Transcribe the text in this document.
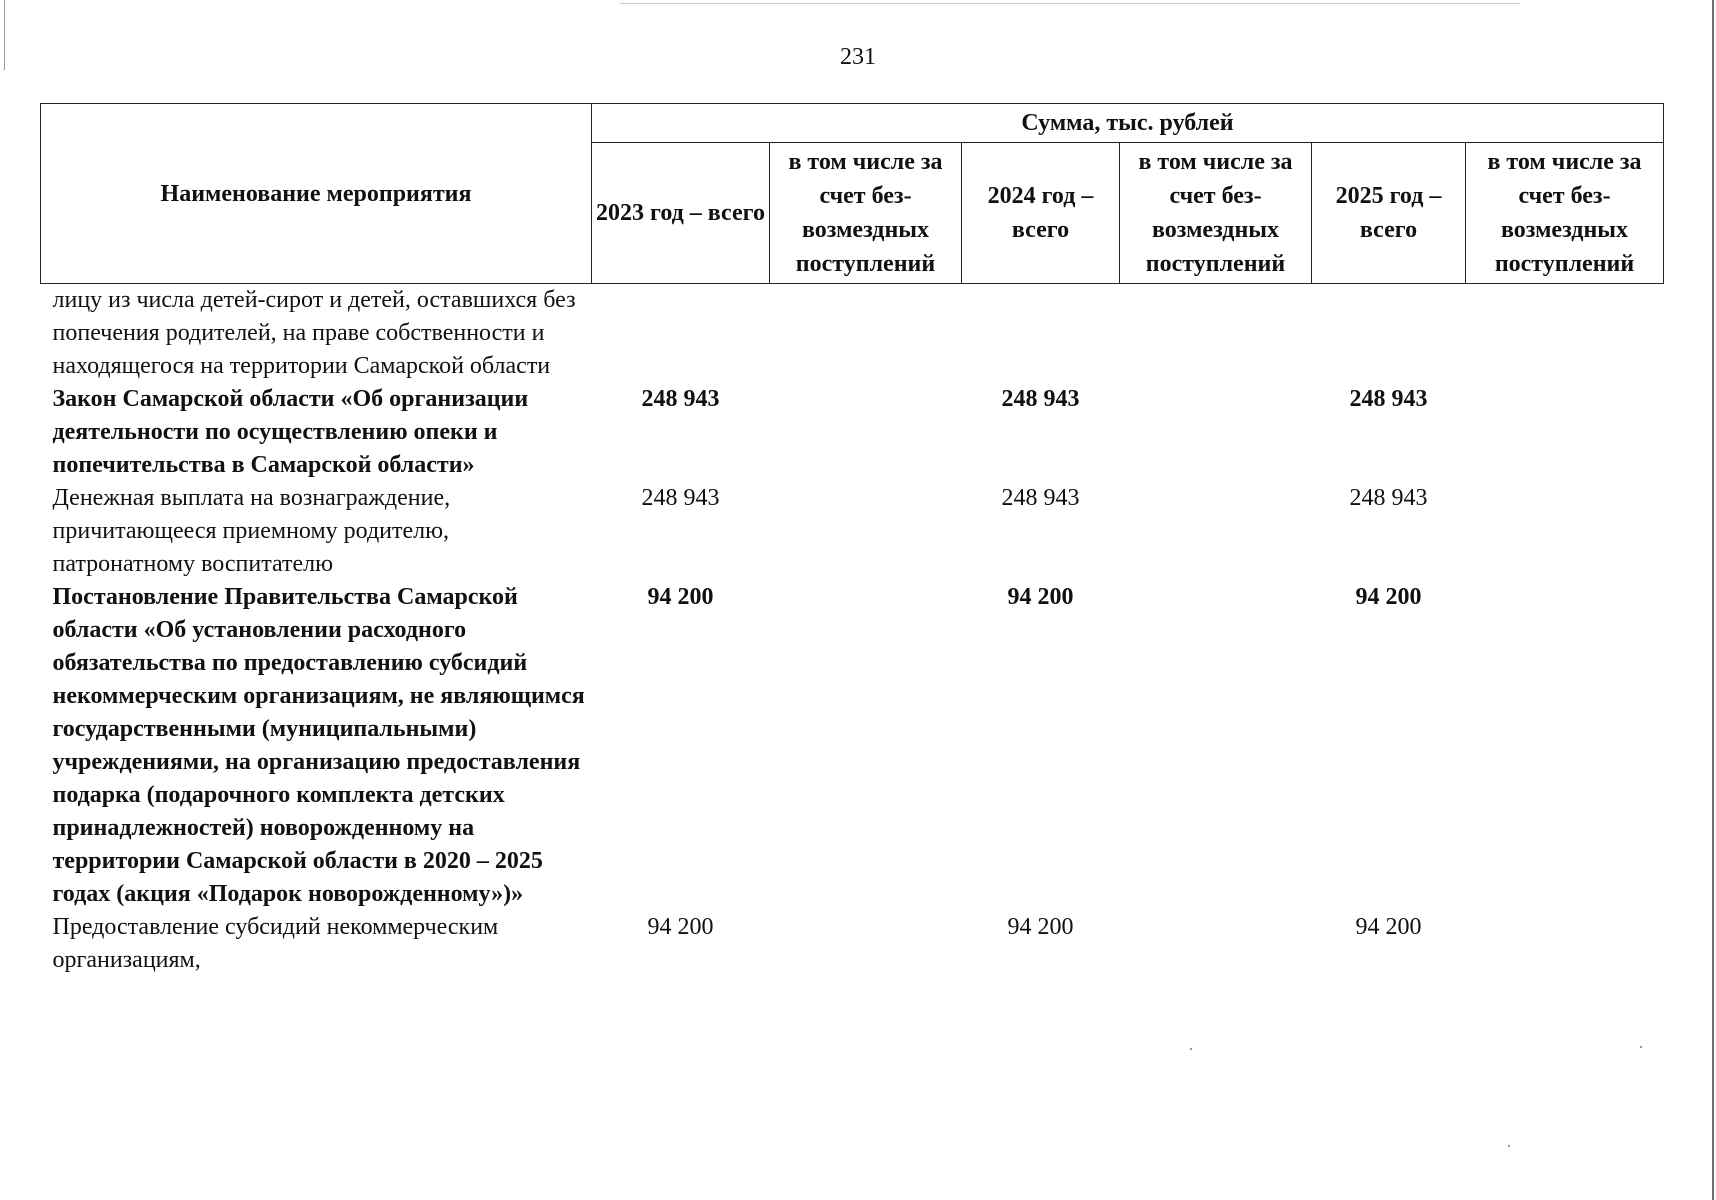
231
Наименование мероприятия	Сумма, тыс. рублей					
	2023 год – всего	в том числе за счет без-возмездных поступлений	2024 год – всего	в том числе за счет без-возмездных поступлений	2025 год – всего	в том числе за счет без-возмездных поступлений
лицу из числа детей-сирот и детей, оставшихся без попечения родителей, на праве собственности и находящегося на территории Самарской области						
Закон Самарской области «Об организации деятельности по осуществлению опеки и попечительства в Самарской области»	248 943		248 943		248 943	
Денежная выплата на вознаграждение, причитающееся приемному родителю, патронатному воспитателю	248 943		248 943		248 943	
Постановление Правительства Самарской области «Об установлении расходного обязательства по предоставлению субсидий некоммерческим организациям, не являющимся государственными (муниципальными) учреждениями, на организацию предоставления подарка (подарочного комплекта детских принадлежностей) новорожденному на территории Самарской области в 2020 – 2025 годах (акция «Подарок новорожденному»)»	94 200		94 200		94 200	
Предоставление субсидий некоммерческим организациям,	94 200		94 200		94 200	
